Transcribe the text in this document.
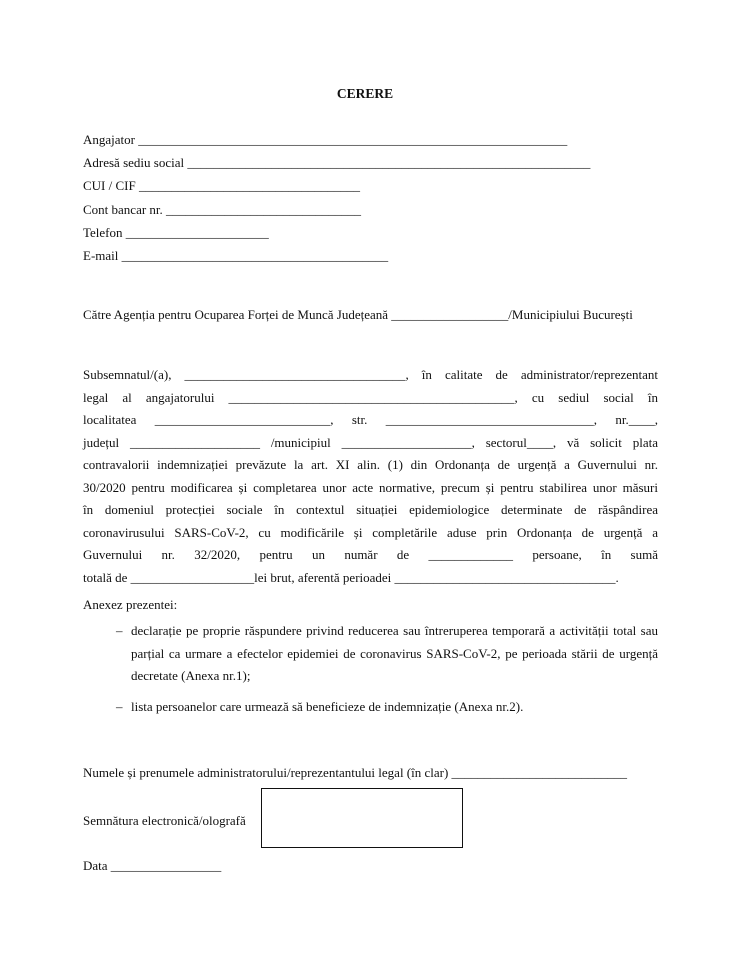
CERERE
Angajator __________________________________________________________________
Adresă sediu social ______________________________________________________________
CUI / CIF __________________________________
Cont bancar nr. ______________________________
Telefon ______________________
E-mail _________________________________________
Către Agenția pentru Ocuparea Forței de Muncă Județeană __________________/Municipiului București
Subsemnatul/(a), __________________________________, în calitate de administrator/reprezentant
legal al angajatorului ____________________________________________, cu sediul social în
localitatea ___________________________, str. ________________________________, nr.____,
județul ____________________ /municipiul ____________________, sectorul____, vă solicit plata
contravalorii indemnizației prevăzute la art. XI alin. (1) din Ordonanța de urgență a Guvernului nr.
30/2020 pentru modificarea și completarea unor acte normative, precum și pentru stabilirea unor măsuri
în domeniul protecției sociale în contextul situației epidemiologice determinate de răspândirea
coronavirusului SARS-CoV-2, cu modificările și completările aduse prin Ordonanța de urgență a
Guvernului nr. 32/2020, pentru un număr de _____________ persoane, în sumă
totală de ___________________lei brut, aferentă perioadei __________________________________.
Anexez prezentei:
– declarație pe proprie răspundere privind reducerea sau întreruperea temporară a activității total sau parțial ca urmare a efectelor epidemiei de coronavirus SARS-CoV-2, pe perioada stării de urgență decretate (Anexa nr.1);
– lista persoanelor care urmează să beneficieze de indemnizație (Anexa nr.2).
Numele și prenumele administratorului/reprezentantului legal (în clar) ___________________________
Semnătura electronică/olografă
Data _________________
